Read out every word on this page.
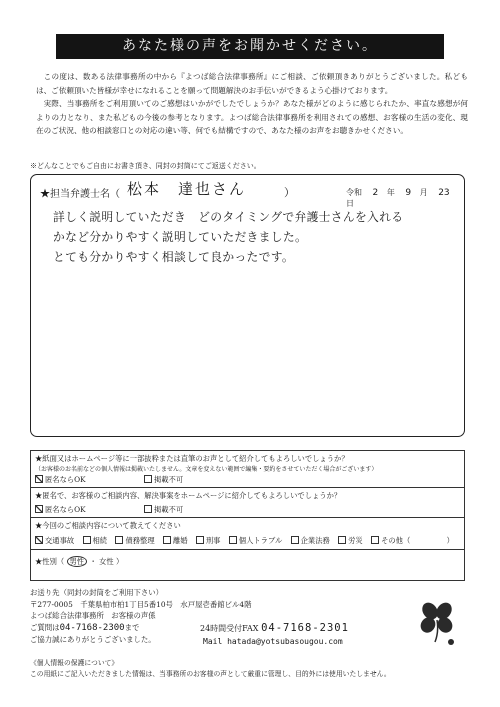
あなた様の声をお聞かせください。

この度は、数ある法律事務所の中から『よつば総合法律事務所』にご相談、ご依頼頂きありがとうございました。私どもは、ご依頼頂いた皆様が幸せになれることを願って問題解決のお手伝いができるよう心掛けております。

実際、当事務所をご利用頂いてのご感想はいかがでしたでしょうか？あなた様がどのように感じられたか、率直な感想が何よりの力となり、また私どもの今後の参考となります。よつば総合法律事務所を利用されての感想、お客様の生活の変化、現在のご状況、他の相談窓口との対応の違い等、何でも結構ですので、あなた様のお声をお聴きかせください。

※どんなことでもご自由にお書き頂き、同封の封筒にてご返送ください。
★担当弁護士名（ 松本　達也さん	）	令和 2 年 9 月 23 日
詳しく説明していただき　どのタイミングで弁護士さんを入れる
かなど分かりやすく説明していただきました。
とても分かりやすく相談して良かったです。
★紙面又はホームページ等に一部抜粋または直筆のお声として紹介してもよろしいでしょうか？
（お客様のお名前などの個人情報は掲載いたしません。文章を変えない範囲で編集・要約をさせていただく場合がございます）
匿名ならOK	掲載不可
★匿名で、お客様のご相談内容、解決事案をホームページに紹介してもよろしいでしょうか？
匿名ならOK	掲載不可
★今回のご相談内容について教えてください
交通事故	相続	債務整理	離婚	刑事	個人トラブル	企業法務	労災	その他（	）
★性別（ 男性 ・ 女性 ）
お送り先（同封の封筒をご利用下さい）
〒277-0005　千葉県柏市柏1丁目5番10号　水戸屋壱番館ビル4階
よつば総合法律事務所　お客様の声係
ご質問は04-7168-2300まで
ご協力誠にありがとうございました。
24時間受付FAX 04-7168-2301
Mail hatada@yotsubasougou.com
《個人情報の保護について》
この用紙にご記入いただきました情報は、当事務所のお客様の声として厳重に管理し、目的外には使用いたしません。
